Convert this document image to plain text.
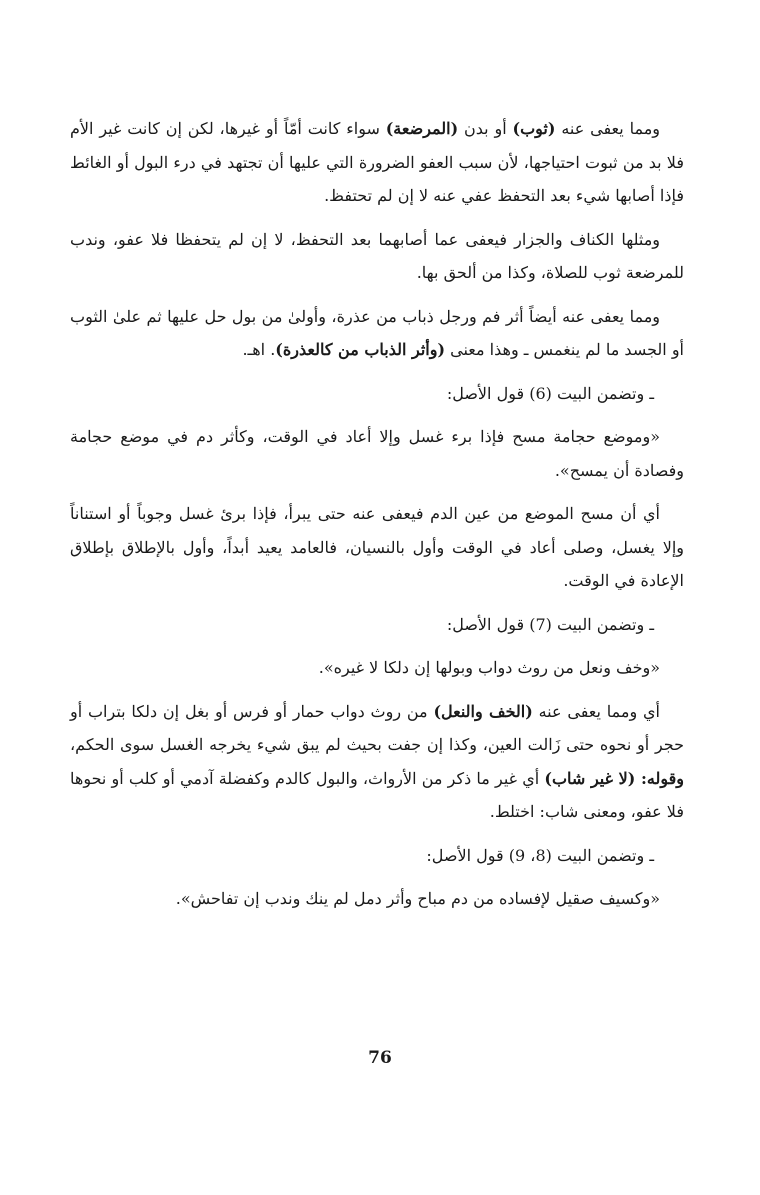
ومما يعفى عنه (ثوب) أو بدن (المرضعة) سواء كانت أمّاً أو غيرها، لكن إن كانت غير الأم فلا بد من ثبوت احتياجها، لأن سبب العفو الضرورة التي عليها أن تجتهد في درء البول أو الغائط فإذا أصابها شيء بعد التحفظ عفي عنه لا إن لم تحتفظ.

ومثلها الكناف والجزار فيعفى عما أصابهما بعد التحفظ، لا إن لم يتحفظا فلا عفو، وندب للمرضعة ثوب للصلاة، وكذا من ألحق بها.

ومما يعفى عنه أيضاً أثر فم ورجل ذباب من عذرة، وأولىٰ من بول حل عليها ثم علىٰ الثوب أو الجسد ما لم ينغمس ـ وهذا معنى (وأثر الذباب من كالعذرة). اهـ.

ـ وتضمن البيت (6) قول الأصل:

«وموضع حجامة مسح فإذا برء غسل وإلا أعاد في الوقت، وكأثر دم في موضع حجامة وفصادة أن يمسح».

أي أن مسح الموضع من عين الدم فيعفى عنه حتى يبرأ، فإذا برئ غسل وجوباً أو استناناً وإلا يغسل، وصلى أعاد في الوقت وأول بالنسيان، فالعامد يعيد أبداً، وأول بالإطلاق بإطلاق الإعادة في الوقت.

ـ وتضمن البيت (7) قول الأصل:

«وخف ونعل من روث دواب وبولها إن دلكا لا غيره».

أي ومما يعفى عنه (الخف والنعل) من روث دواب حمار أو فرس أو بغل إن دلكا بتراب أو حجر أو نحوه حتى زَالت العين، وكذا إن جفت بحيث لم يبق شيء يخرجه الغسل سوى الحكم، وقوله: (لا غير شاب) أي غير ما ذكر من الأرواث، والبول كالدم وكفضلة آدمي أو كلب أو نحوها فلا عفو، ومعنى شاب: اختلط.

ـ وتضمن البيت (8، 9) قول الأصل:

«وكسيف صقيل لإفساده من دم مباح وأثر دمل لم ينك وندب إن تفاحش».

76
